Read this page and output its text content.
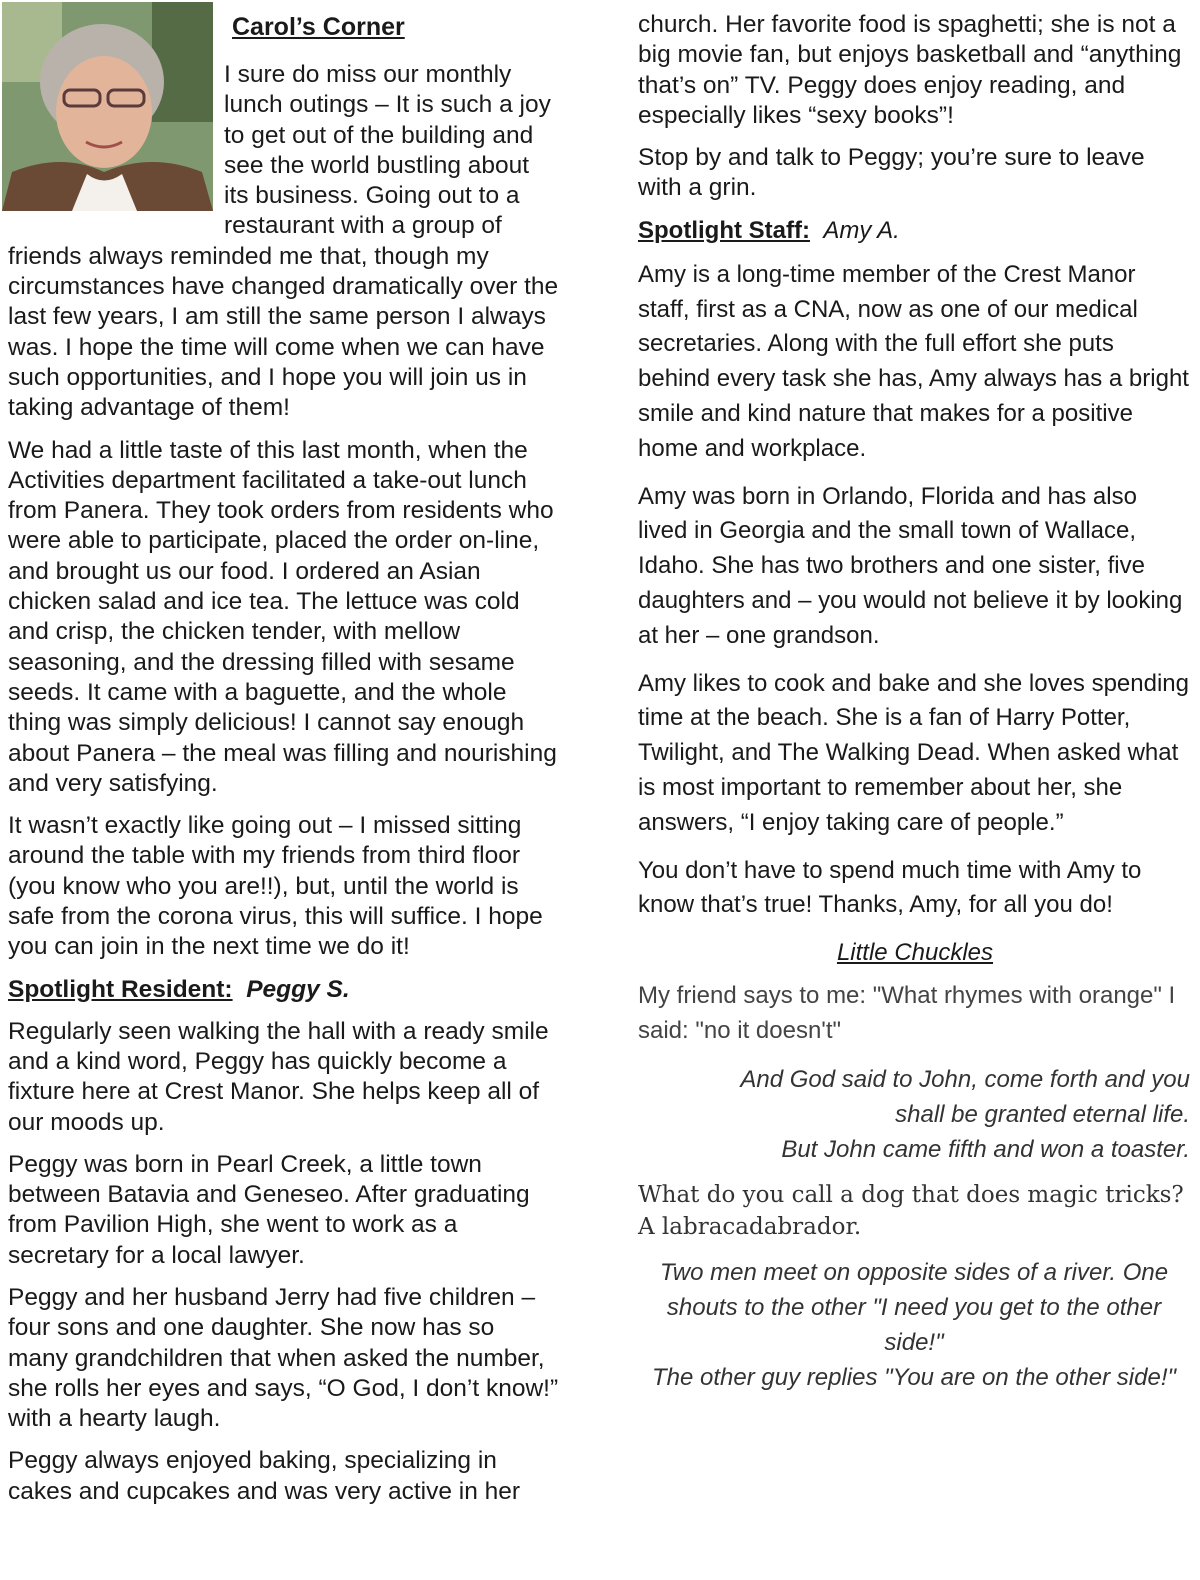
Carol’s Corner

I sure do miss our monthly lunch outings – It is such a joy to get out of the building and see the world bustling about its business. Going out to a restaurant with a group of friends always reminded me that, though my circumstances have changed dramatically over the last few years, I am still the same person I always was. I hope the time will come when we can have such opportunities, and I hope you will join us in taking advantage of them!

We had a little taste of this last month, when the Activities department facilitated a take-out lunch from Panera. They took orders from residents who were able to participate, placed the order on-line, and brought us our food. I ordered an Asian chicken salad and ice tea. The lettuce was cold and crisp, the chicken tender, with mellow seasoning, and the dressing filled with sesame seeds. It came with a baguette, and the whole thing was simply delicious! I cannot say enough about Panera – the meal was filling and nourishing and very satisfying.

It wasn’t exactly like going out – I missed sitting around the table with my friends from third floor (you know who you are!!), but, until the world is safe from the corona virus, this will suffice. I hope you can join in the next time we do it!

Spotlight Resident: Peggy S.

Regularly seen walking the hall with a ready smile and a kind word, Peggy has quickly become a fixture here at Crest Manor. She helps keep all of our moods up.

Peggy was born in Pearl Creek, a little town between Batavia and Geneseo. After graduating from Pavilion High, she went to work as a secretary for a local lawyer.

Peggy and her husband Jerry had five children – four sons and one daughter. She now has so many grandchildren that when asked the number, she rolls her eyes and says, “O God, I don’t know!” with a hearty laugh.

Peggy always enjoyed baking, specializing in cakes and cupcakes and was very active in her

church. Her favorite food is spaghetti; she is not a big movie fan, but enjoys basketball and “anything that’s on” TV. Peggy does enjoy reading, and especially likes “sexy books”!

Stop by and talk to Peggy; you’re sure to leave with a grin.

Spotlight Staff: Amy A.

Amy is a long-time member of the Crest Manor staff, first as a CNA, now as one of our medical secretaries. Along with the full effort she puts behind every task she has, Amy always has a bright smile and kind nature that makes for a positive home and workplace.

Amy was born in Orlando, Florida and has also lived in Georgia and the small town of Wallace, Idaho. She has two brothers and one sister, five daughters and – you would not believe it by looking at her – one grandson.

Amy likes to cook and bake and she loves spending time at the beach. She is a fan of Harry Potter, Twilight, and The Walking Dead. When asked what is most important to remember about her, she answers, “I enjoy taking care of people.”

You don’t have to spend much time with Amy to know that’s true! Thanks, Amy, for all you do!

Little Chuckles

My friend says to me: "What rhymes with orange" I said: "no it doesn't"

And God said to John, come forth and you shall be granted eternal life.

But John came fifth and won a toaster.

What do you call a dog that does magic tricks? A labracadabrador.

Two men meet on opposite sides of a river. One shouts to the other "I need you get to the other side!"

The other guy replies "You are on the other side!"
